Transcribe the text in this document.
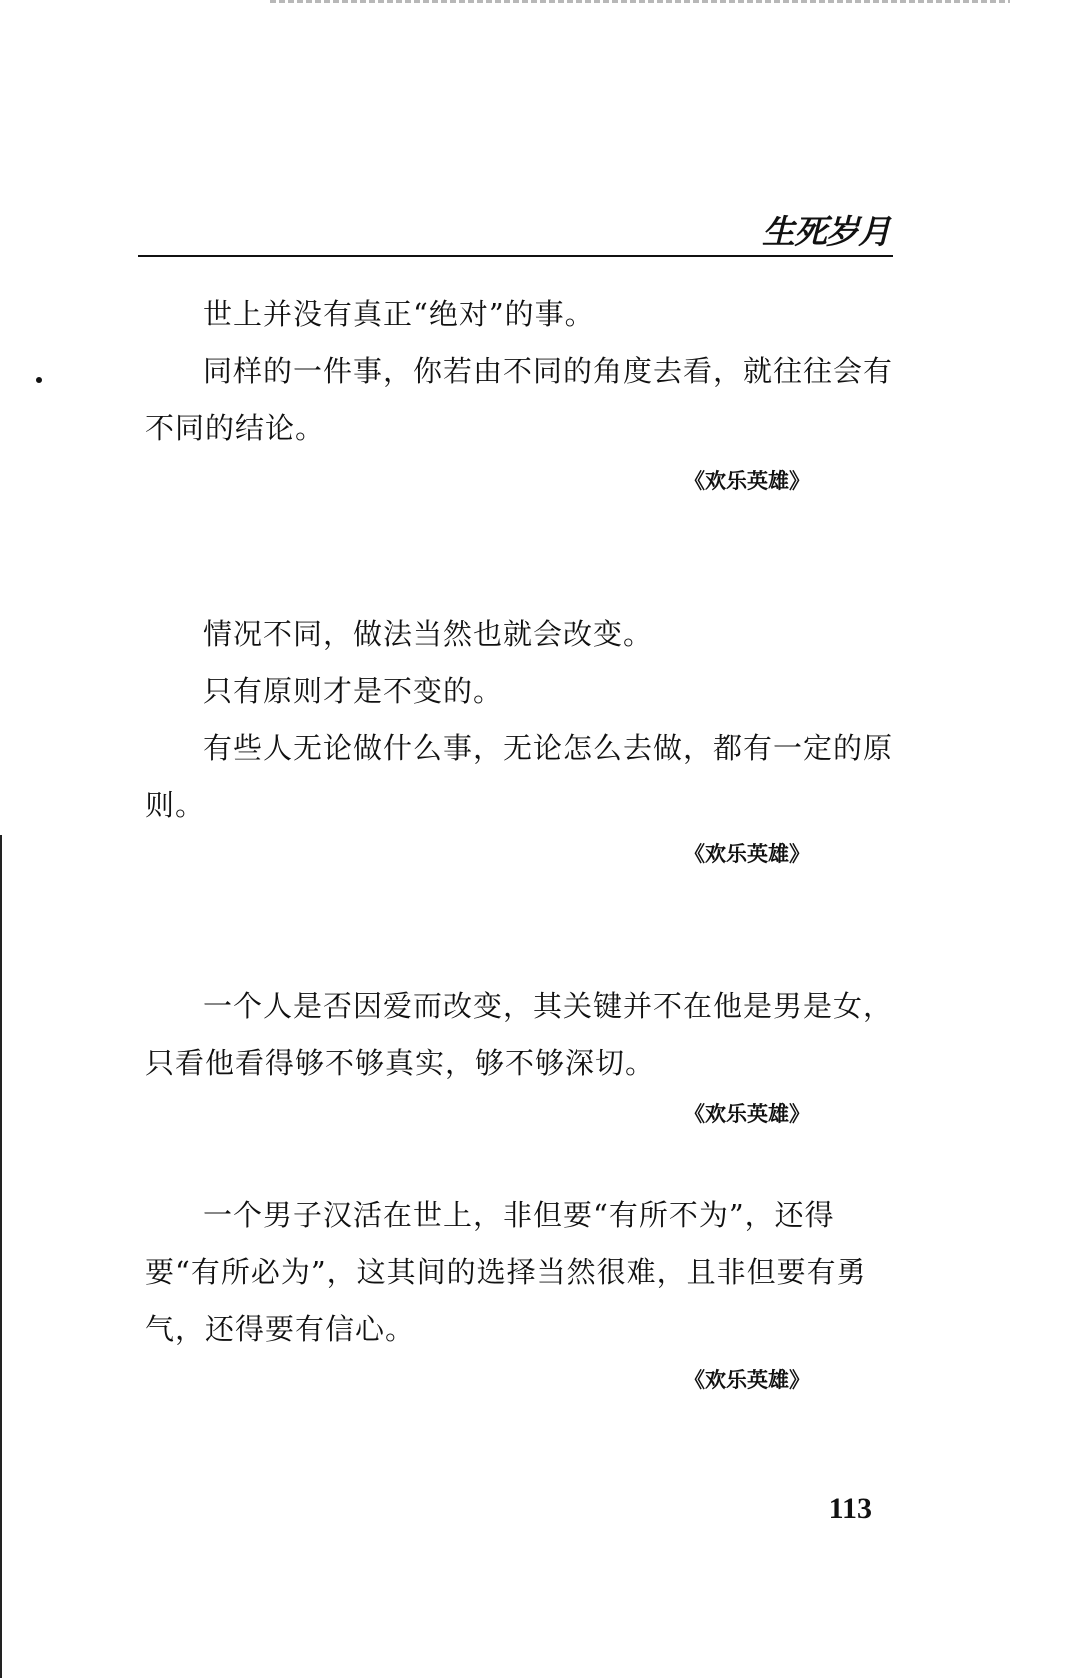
生死岁月

世上并没有真正“绝对”的事。

同样的一件事，你若由不同的角度去看，就往往会有不同的结论。

《欢乐英雄》

情况不同，做法当然也就会改变。

只有原则才是不变的。

有些人无论做什么事，无论怎么去做，都有一定的原则。

《欢乐英雄》

一个人是否因爱而改变，其关键并不在他是男是女，只看他看得够不够真实，够不够深切。

《欢乐英雄》

一个男子汉活在世上，非但要“有所不为”，还得要“有所必为”，这其间的选择当然很难，且非但要有勇气，还得要有信心。

《欢乐英雄》
113
